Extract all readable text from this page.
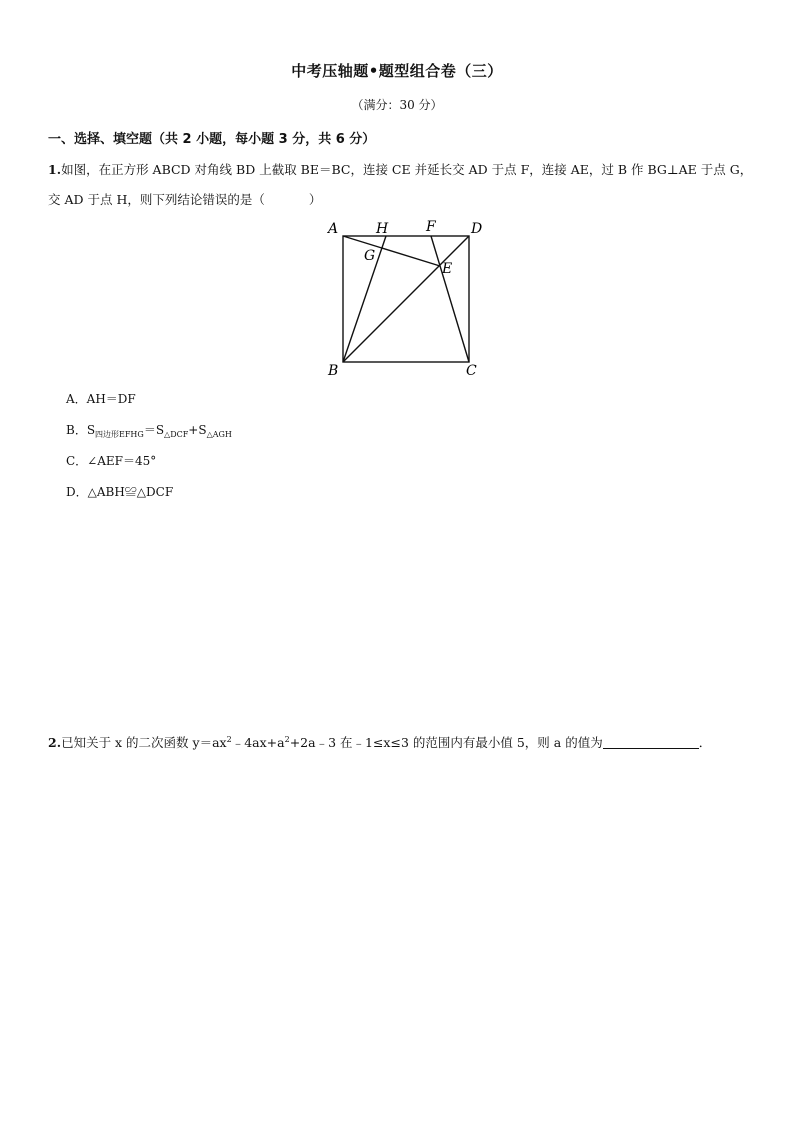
中考压轴题•题型组合卷（三）
（满分：30 分）
一、选择、填空题（共 2 小题，每小题 3 分，共 6 分）
1.如图，在正方形 ABCD 对角线 BD 上截取 BE＝BC，连接 CE 并延长交 AD 于点 F，连接 AE，过 B 作 BG⊥AE 于点 G，
交 AD 于点 H，则下列结论错误的是（	）
A	H	F	D
G
E
B	C
A．AH＝DF
B．$S_{四边形EFHG}=S_{\triangle DCF}+S_{\triangle AGH}$
C．∠AEF＝45°
D．△ABH≌△DCF
2.已知关于 x 的二次函数 $y=ax^2﹣4ax+a^2+2a﹣3$ 在﹣1≤x≤3 的范围内有最小值 5，则 a 的值为	．
